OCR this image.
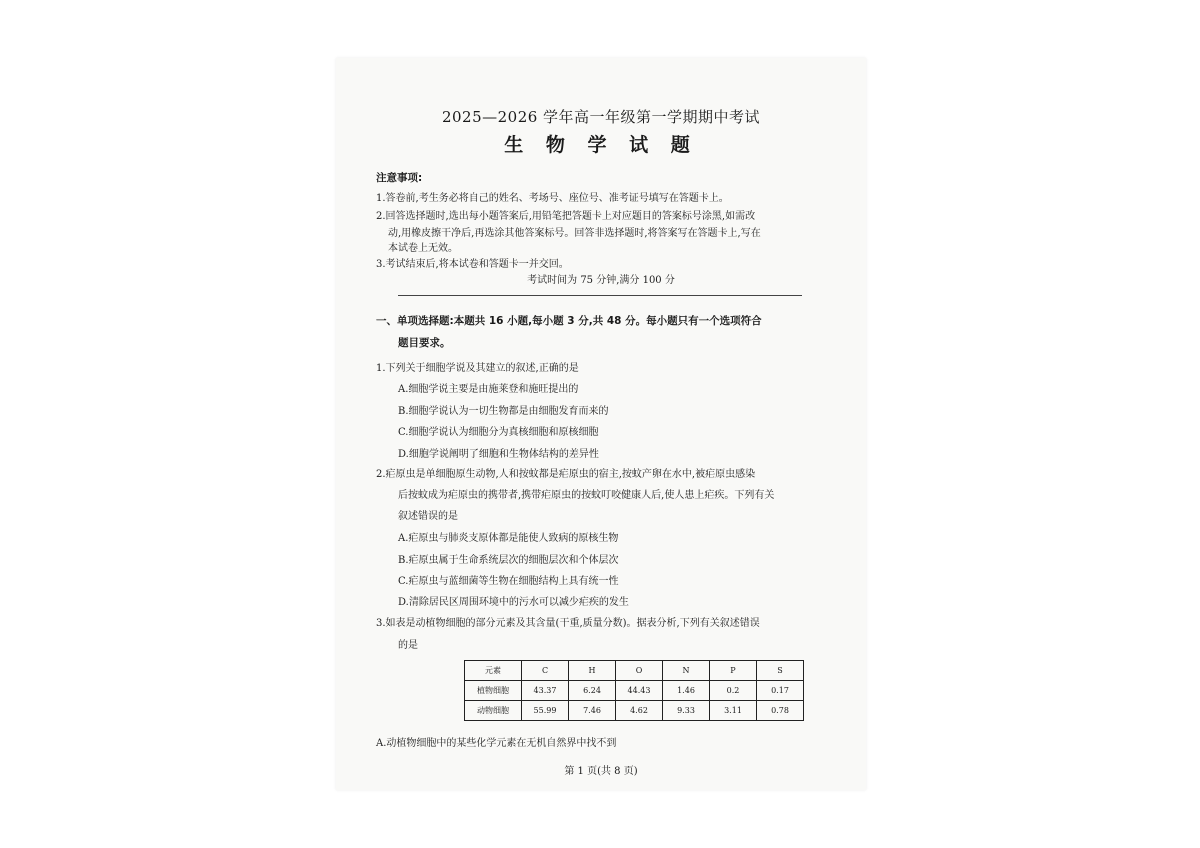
2025—2026 学年高一年级第一学期期中考试
生 物 学 试 题
注意事项:
1.答卷前,考生务必将自己的姓名、考场号、座位号、准考证号填写在答题卡上。
2.回答选择题时,选出每小题答案后,用铅笔把答题卡上对应题目的答案标号涂黑,如需改
动,用橡皮擦干净后,再选涂其他答案标号。回答非选择题时,将答案写在答题卡上,写在
本试卷上无效。
3.考试结束后,将本试卷和答题卡一并交回。
考试时间为 75 分钟,满分 100 分
一、单项选择题:本题共 16 小题,每小题 3 分,共 48 分。每小题只有一个选项符合
题目要求。
1.下列关于细胞学说及其建立的叙述,正确的是
A.细胞学说主要是由施莱登和施旺提出的
B.细胞学说认为一切生物都是由细胞发育而来的
C.细胞学说认为细胞分为真核细胞和原核细胞
D.细胞学说阐明了细胞和生物体结构的差异性
2.疟原虫是单细胞原生动物,人和按蚊都是疟原虫的宿主,按蚊产卵在水中,被疟原虫感染
后按蚊成为疟原虫的携带者,携带疟原虫的按蚊叮咬健康人后,使人患上疟疾。下列有关
叙述错误的是
A.疟原虫与肺炎支原体都是能使人致病的原核生物
B.疟原虫属于生命系统层次的细胞层次和个体层次
C.疟原虫与蓝细菌等生物在细胞结构上具有统一性
D.清除居民区周围环境中的污水可以减少疟疾的发生
3.如表是动植物细胞的部分元素及其含量(干重,质量分数)。据表分析,下列有关叙述错误
的是
元素	C	H	O	N	P	S
植物细胞	43.37	6.24	44.43	1.46	0.2	0.17
动物细胞	55.99	7.46	4.62	9.33	3.11	0.78
A.动植物细胞中的某些化学元素在无机自然界中找不到
第 1 页(共 8 页)
